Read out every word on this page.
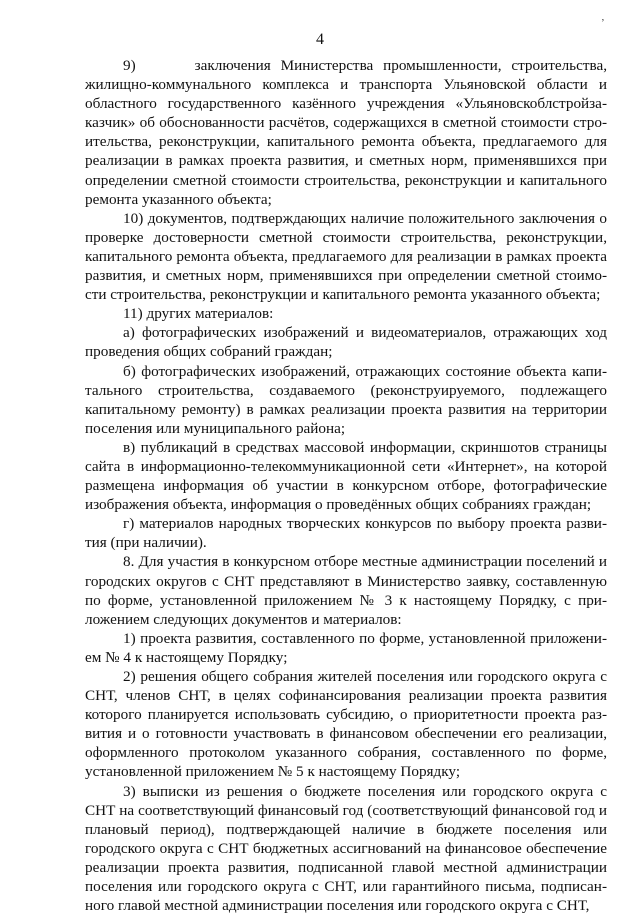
’
4

9)      заключения Министерства промышленности, строительства, жилищно-коммунального комплекса и транспорта Ульяновской области и областного государственного казённого учреждения «Ульяновскоблстройзаказчик» об обоснованности расчётов, содержащихся в сметной стоимости строительства, реконструкции, капитального ремонта объекта, предлагаемого для реализации в рамках проекта развития, и сметных норм, применявшихся при определении сметной стоимости строительства, реконструкции и капитального ремонта указанного объекта;

10) документов, подтверждающих наличие положительного заключения о проверке достоверности сметной стоимости строительства, реконструкции, капитального ремонта объекта, предлагаемого для реализации в рамках проекта развития, и сметных норм, применявшихся при определении сметной стоимости строительства, реконструкции и капитального ремонта указанного объекта;

11) других материалов:

а) фотографических изображений и видеоматериалов, отражающих ход проведения общих собраний граждан;

б) фотографических изображений, отражающих состояние объекта капитального строительства, создаваемого (реконструируемого, подлежащего капитальному ремонту) в рамках реализации проекта развития на территории поселения или муниципального района;

в) публикаций в средствах массовой информации, скриншотов страницы сайта в информационно-телекоммуникационной сети «Интернет», на которой размещена информация об участии в конкурсном отборе, фотографические изображения объекта, информация о проведённых общих собраниях граждан;

г) материалов народных творческих конкурсов по выбору проекта развития (при наличии).

8. Для участия в конкурсном отборе местные администрации поселений и городских округов с СНТ представляют в Министерство заявку, составленную по форме, установленной приложением № 3 к настоящему Порядку, с приложением следующих документов и материалов:

1) проекта развития, составленного по форме, установленной приложением № 4 к настоящему Порядку;

2) решения общего собрания жителей поселения или городского округа с СНТ, членов СНТ, в целях софинансирования реализации проекта развития которого планируется использовать субсидию, о приоритетности проекта развития и о готовности участвовать в финансовом обеспечении его реализации, оформленного протоколом указанного собрания, составленного по форме, установленной приложением № 5 к настоящему Порядку;

3) выписки из решения о бюджете поселения или городского округа с СНТ на соответствующий финансовый год (соответствующий финансовой год и плановый период), подтверждающей наличие в бюджете поселения или городского округа с СНТ бюджетных ассигнований на финансовое обеспечение реализации проекта развития, подписанной главой местной администрации поселения или городского округа с СНТ, или гарантийного письма, подписанного главой местной администрации поселения или городского округа с СНТ,
